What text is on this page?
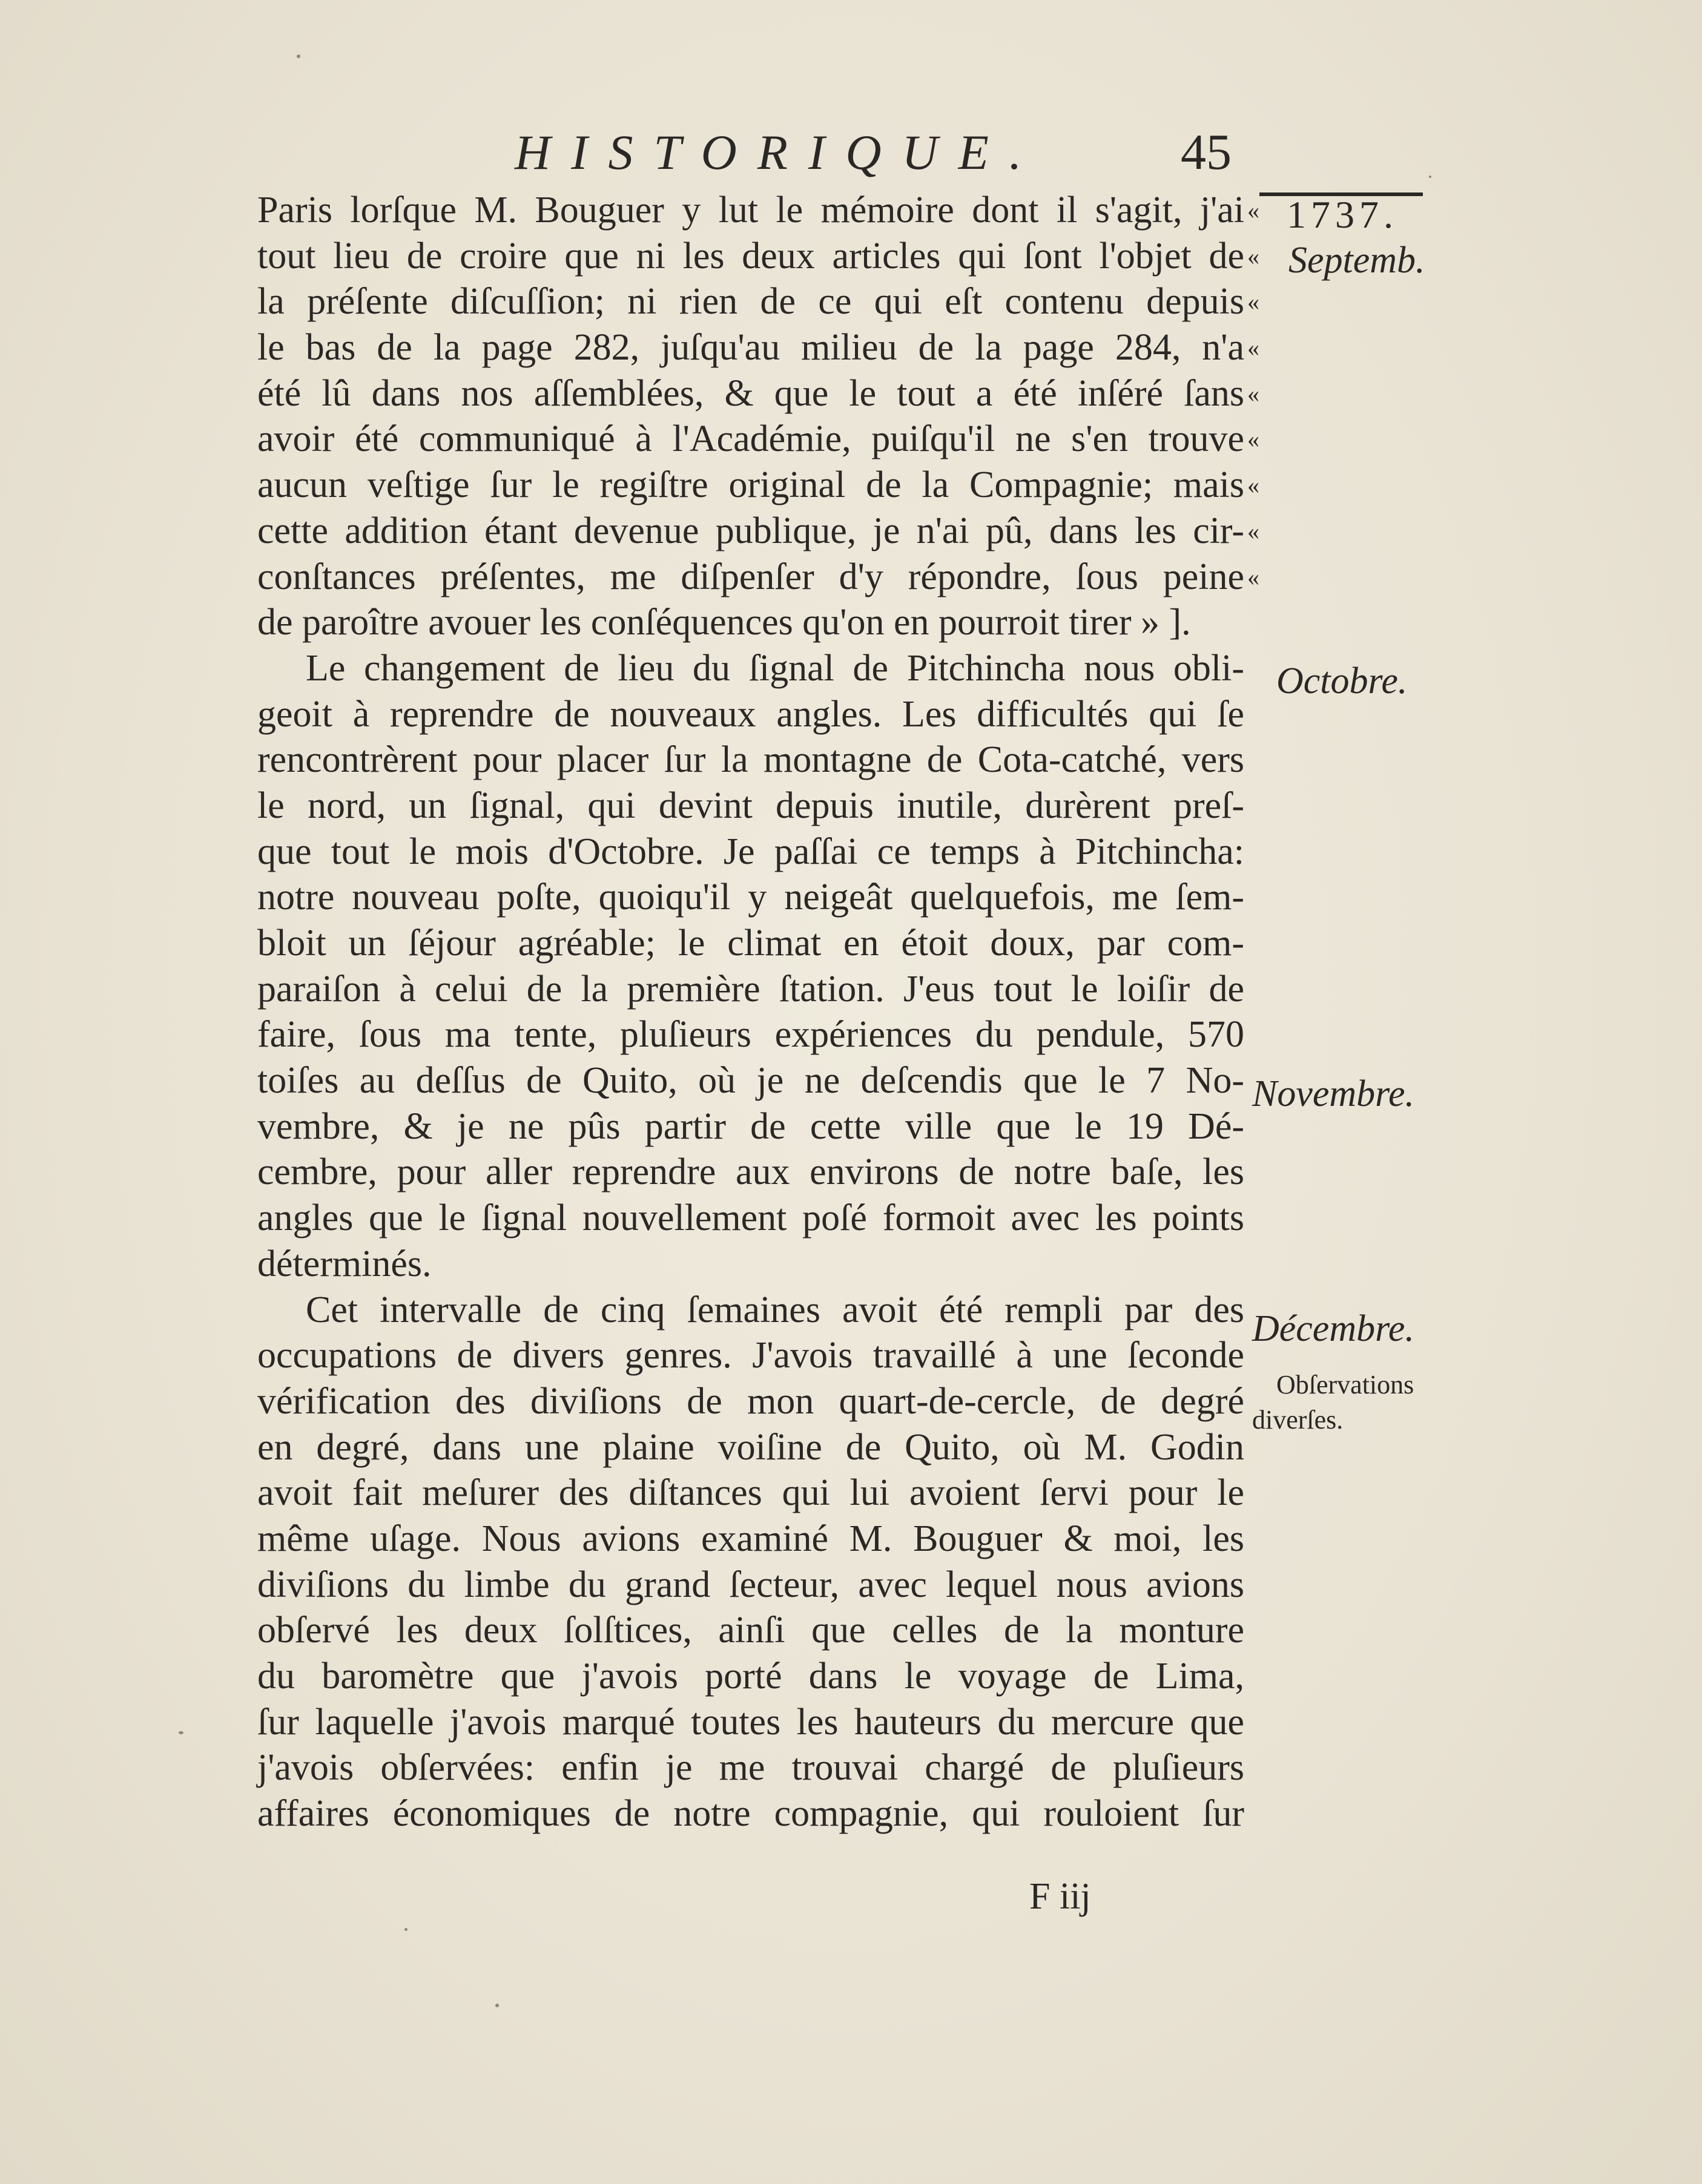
HISTORIQUE.	45
Paris lorſque M. Bouguer y lut le mémoire dont il s'agit, j'ai
tout lieu de croire que ni les deux articles qui ſont l'objet de
la préſente diſcuſſion; ni rien de ce qui eſt contenu depuis
le bas de la page 282, juſqu'au milieu de la page 284, n'a
été lû dans nos aſſemblées, & que le tout a été inſéré ſans
avoir été communiqué à l'Académie, puiſqu'il ne s'en trouve
aucun veſtige ſur le regiſtre original de la Compagnie; mais
cette addition étant devenue publique, je n'ai pû, dans les cir-
conſtances préſentes, me diſpenſer d'y répondre, ſous peine
de paroître avouer les conſéquences qu'on en pourroit tirer » ].
Le changement de lieu du ſignal de Pitchincha nous obli-
geoit à reprendre de nouveaux angles. Les difficultés qui ſe
rencontrèrent pour placer ſur la montagne de Cota-catché, vers
le nord, un ſignal, qui devint depuis inutile, durèrent preſ-
que tout le mois d'Octobre. Je paſſai ce temps à Pitchincha:
notre nouveau poſte, quoiqu'il y neigeât quelquefois, me ſem-
bloit un ſéjour agréable; le climat en étoit doux, par com-
paraiſon à celui de la première ſtation. J'eus tout le loiſir de
faire, ſous ma tente, pluſieurs expériences du pendule, 570
toiſes au deſſus de Quito, où je ne deſcendis que le 7 No-
vembre, & je ne pûs partir de cette ville que le 19 Dé-
cembre, pour aller reprendre aux environs de notre baſe, les
angles que le ſignal nouvellement poſé formoit avec les points
déterminés.
Cet intervalle de cinq ſemaines avoit été rempli par des
occupations de divers genres. J'avois travaillé à une ſeconde
vérification des diviſions de mon quart-de-cercle, de degré
en degré, dans une plaine voiſine de Quito, où M. Godin
avoit fait meſurer des diſtances qui lui avoient ſervi pour le
même uſage. Nous avions examiné M. Bouguer & moi, les
diviſions du limbe du grand ſecteur, avec lequel nous avions
obſervé les deux ſolſtices, ainſi que celles de la monture
du baromètre que j'avois porté dans le voyage de Lima,
ſur laquelle j'avois marqué toutes les hauteurs du mercure que
j'avois obſervées: enfin je me trouvai chargé de pluſieurs
affaires économiques de notre compagnie, qui rouloient ſur
«
«
«
«
«
«
«
«
«
1737.
Septemb.
Octobre.
Novembre.
Décembre.
Obſervations
diverſes.
F iij
